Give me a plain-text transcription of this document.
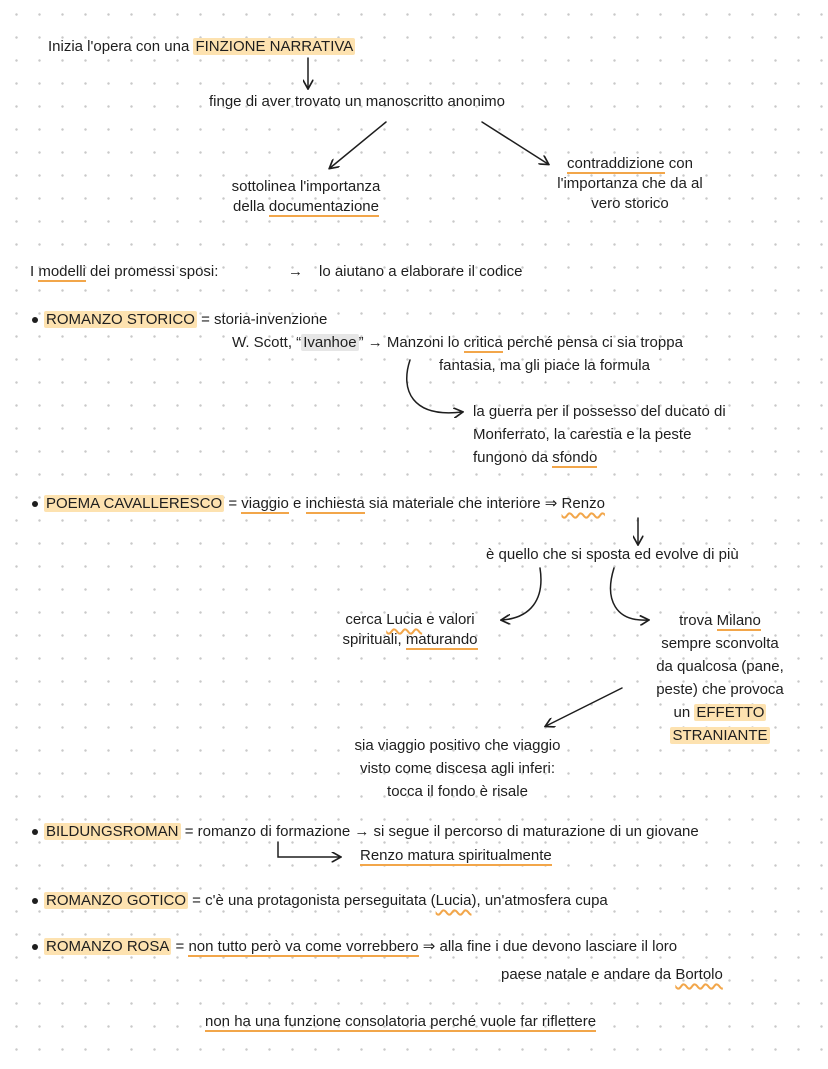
Inizia l'opera con una FINZIONE NARRATIVA
finge di aver trovato un manoscritto anonimo
sottolinea l'importanza
della documentazione
contraddizione con
l'importanza che da al
vero storico
I modelli dei promessi sposi:	→ lo aiutano a elaborare il codice
ROMANZO STORICO = storia-invenzione
W. Scott, “ Ivanhoe ” → Manzoni lo critica perché pensa ci sia troppa
fantasia, ma gli piace la formula
la guerra per il possesso del ducato di
Monferrato, la carestia e la peste
fungono da sfondo
POEMA CAVALLERESCO = viaggio e inchiesta sia materiale che interiore ⇒ Renzo
è quello che si sposta ed evolve di più
cerca Lucia e valori
spirituali, maturando
trova Milano
sempre sconvolta
da qualcosa (pane,
peste) che provoca
un EFFETTO
STRANIANTE
sia viaggio positivo che viaggio
visto come discesa agli inferi:
tocca il fondo è risale
BILDUNGSROMAN = romanzo di formazione → si segue il percorso di maturazione di un giovane
Renzo matura spiritualmente
ROMANZO GOTICO = c'è una protagonista perseguitata (Lucia), un'atmosfera cupa
ROMANZO ROSA = non tutto però va come vorrebbero ⇒ alla fine i due devono lasciare il loro
paese natale e andare da Bortolo
non ha una funzione consolatoria perché vuole far riflettere
